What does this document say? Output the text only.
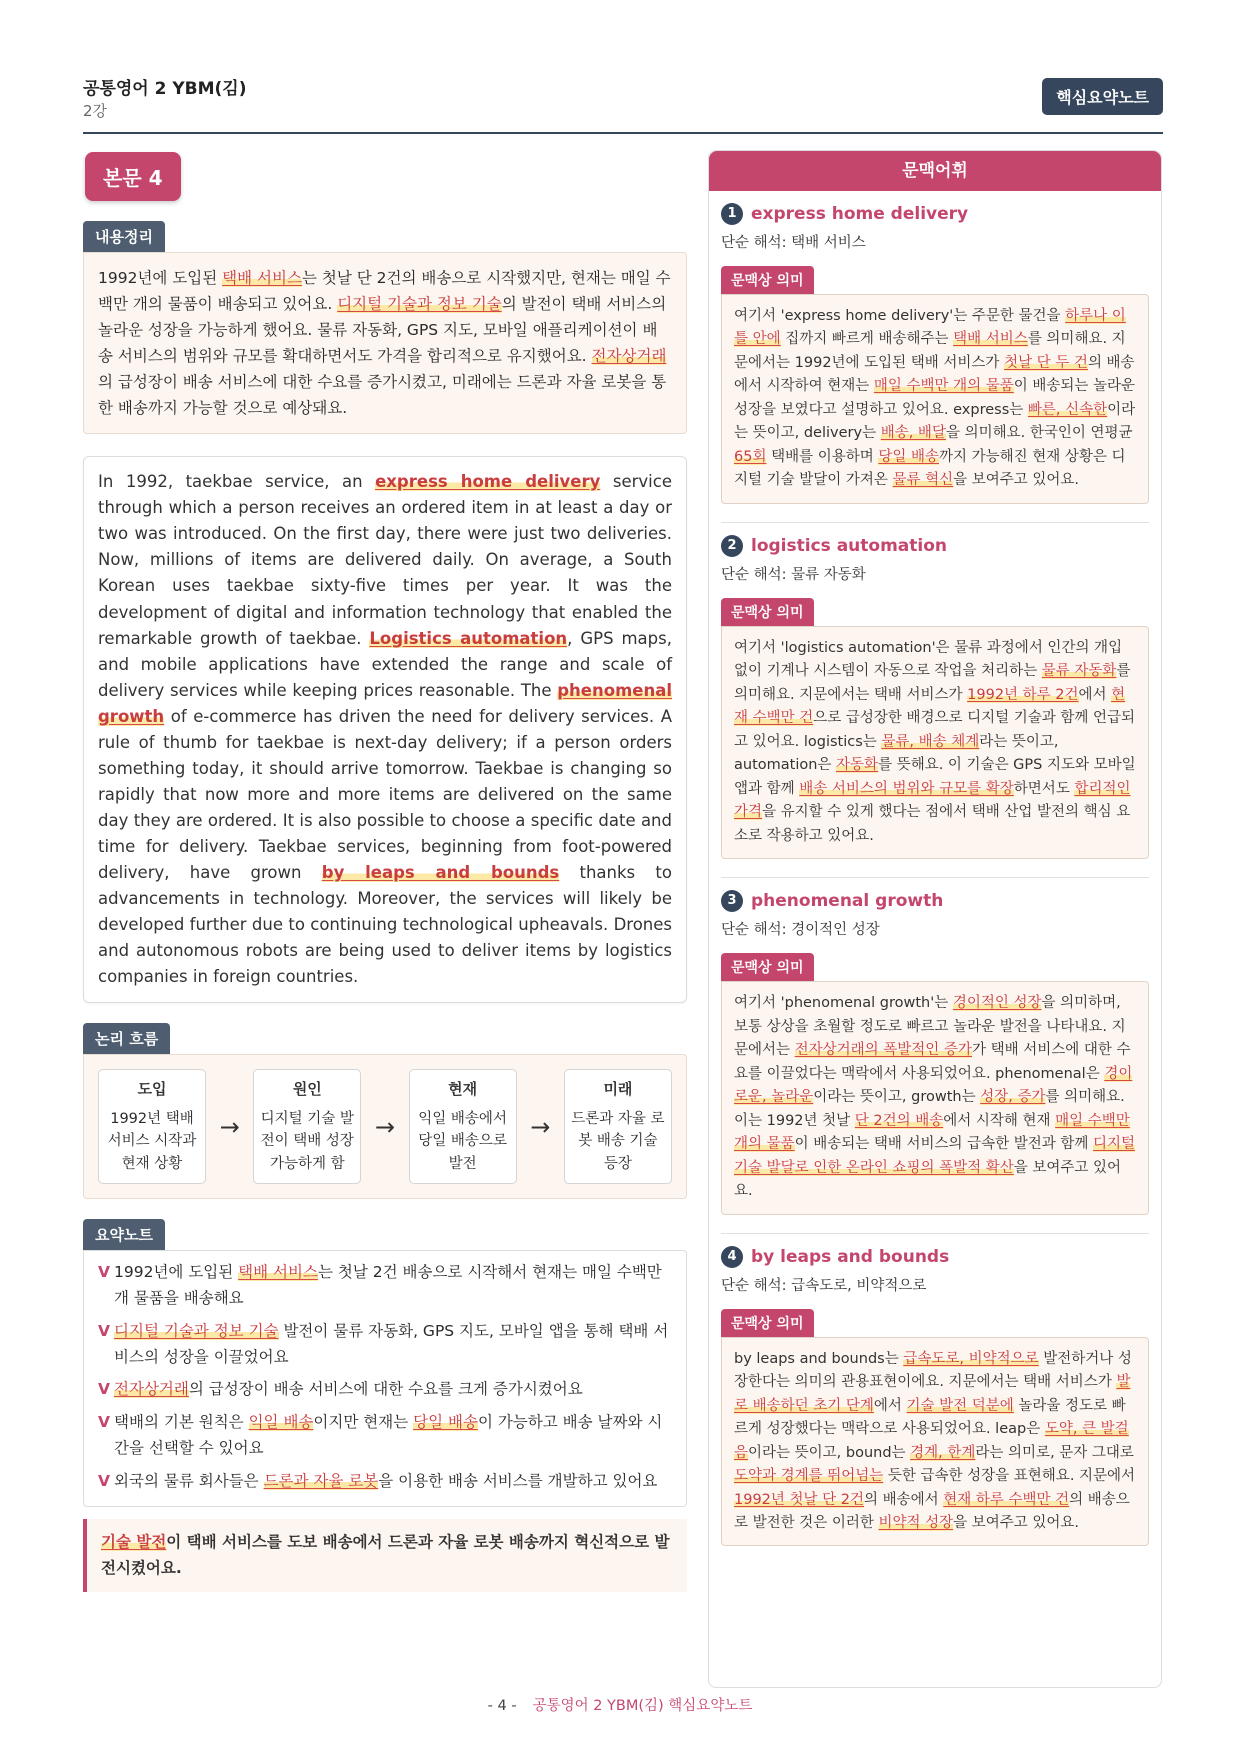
공통영어 2 YBM(김)
2강
핵심요약노트
본문 4
내용정리
1992년에 도입된 택배 서비스는 첫날 단 2건의 배송으로 시작했지만, 현재는 매일 수백만 개의 물품이 배송되고 있어요. 디지털 기술과 정보 기술의 발전이 택배 서비스의 놀라운 성장을 가능하게 했어요. 물류 자동화, GPS 지도, 모바일 애플리케이션이 배송 서비스의 범위와 규모를 확대하면서도 가격을 합리적으로 유지했어요. 전자상거래의 급성장이 배송 서비스에 대한 수요를 증가시켰고, 미래에는 드론과 자율 로봇을 통한 배송까지 가능할 것으로 예상돼요.
In 1992, taekbae service, an express home delivery service through which a person receives an ordered item in at least a day or two was introduced. On the first day, there were just two deliveries. Now, millions of items are delivered daily. On average, a South Korean uses taekbae sixty-five times per year. It was the development of digital and information technology that enabled the remarkable growth of taekbae. Logistics automation, GPS maps, and mobile applications have extended the range and scale of delivery services while keeping prices reasonable. The phenomenal growth of e-commerce has driven the need for delivery services. A rule of thumb for taekbae is next-day delivery; if a person orders something today, it should arrive tomorrow. Taekbae is changing so rapidly that now more and more items are delivered on the same day they are ordered. It is also possible to choose a specific date and time for delivery. Taekbae services, beginning from foot-powered delivery, have grown by leaps and bounds thanks to advancements in technology. Moreover, the services will likely be developed further due to continuing technological upheavals. Drones and autonomous robots are being used to deliver items by logistics companies in foreign countries.
논리 흐름
도입
1992년 택배 서비스 시작과 현재 상황
→
원인
디지털 기술 발전이 택배 성장 가능하게 함
→
현재
익일 배송에서 당일 배송으로 발전
→
미래
드론과 자율 로봇 배송 기술 등장
요약노트
V 1992년에 도입된 택배 서비스는 첫날 2건 배송으로 시작해서 현재는 매일 수백만 개 물품을 배송해요
V 디지털 기술과 정보 기술 발전이 물류 자동화, GPS 지도, 모바일 앱을 통해 택배 서비스의 성장을 이끌었어요
V 전자상거래의 급성장이 배송 서비스에 대한 수요를 크게 증가시켰어요
V 택배의 기본 원칙은 익일 배송이지만 현재는 당일 배송이 가능하고 배송 날짜와 시간을 선택할 수 있어요
V 외국의 물류 회사들은 드론과 자율 로봇을 이용한 배송 서비스를 개발하고 있어요
기술 발전이 택배 서비스를 도보 배송에서 드론과 자율 로봇 배송까지 혁신적으로 발전시켰어요.
문맥어휘
1 express home delivery
단순 해석: 택배 서비스
문맥상 의미
여기서 'express home delivery'는 주문한 물건을 하루나 이틀 안에 집까지 빠르게 배송해주는 택배 서비스를 의미해요. 지문에서는 1992년에 도입된 택배 서비스가 첫날 단 두 건의 배송에서 시작하여 현재는 매일 수백만 개의 물품이 배송되는 놀라운 성장을 보였다고 설명하고 있어요. express는 빠른, 신속한이라는 뜻이고, delivery는 배송, 배달을 의미해요. 한국인이 연평균 65회 택배를 이용하며 당일 배송까지 가능해진 현재 상황은 디지털 기술 발달이 가져온 물류 혁신을 보여주고 있어요.
2 logistics automation
단순 해석: 물류 자동화
문맥상 의미
여기서 'logistics automation'은 물류 과정에서 인간의 개입 없이 기계나 시스템이 자동으로 작업을 처리하는 물류 자동화를 의미해요. 지문에서는 택배 서비스가 1992년 하루 2건에서 현재 수백만 건으로 급성장한 배경으로 디지털 기술과 함께 언급되고 있어요. logistics는 물류, 배송 체계라는 뜻이고, automation은 자동화를 뜻해요. 이 기술은 GPS 지도와 모바일 앱과 함께 배송 서비스의 범위와 규모를 확장하면서도 합리적인 가격을 유지할 수 있게 했다는 점에서 택배 산업 발전의 핵심 요소로 작용하고 있어요.
3 phenomenal growth
단순 해석: 경이적인 성장
문맥상 의미
여기서 'phenomenal growth'는 경이적인 성장을 의미하며, 보통 상상을 초월할 정도로 빠르고 놀라운 발전을 나타내요. 지문에서는 전자상거래의 폭발적인 증가가 택배 서비스에 대한 수요를 이끌었다는 맥락에서 사용되었어요. phenomenal은 경이로운, 놀라운이라는 뜻이고, growth는 성장, 증가를 의미해요. 이는 1992년 첫날 단 2건의 배송에서 시작해 현재 매일 수백만 개의 물품이 배송되는 택배 서비스의 급속한 발전과 함께 디지털 기술 발달로 인한 온라인 쇼핑의 폭발적 확산을 보여주고 있어요.
4 by leaps and bounds
단순 해석: 급속도로, 비약적으로
문맥상 의미
by leaps and bounds는 급속도로, 비약적으로 발전하거나 성장한다는 의미의 관용표현이에요. 지문에서는 택배 서비스가 발로 배송하던 초기 단계에서 기술 발전 덕분에 놀라울 정도로 빠르게 성장했다는 맥락으로 사용되었어요. leap은 도약, 큰 발걸음이라는 뜻이고, bound는 경계, 한계라는 의미로, 문자 그대로 도약과 경계를 뛰어넘는 듯한 급속한 성장을 표현해요. 지문에서 1992년 첫날 단 2건의 배송에서 현재 하루 수백만 건의 배송으로 발전한 것은 이러한 비약적 성장을 보여주고 있어요.
- 4 - 공통영어 2 YBM(김) 핵심요약노트
